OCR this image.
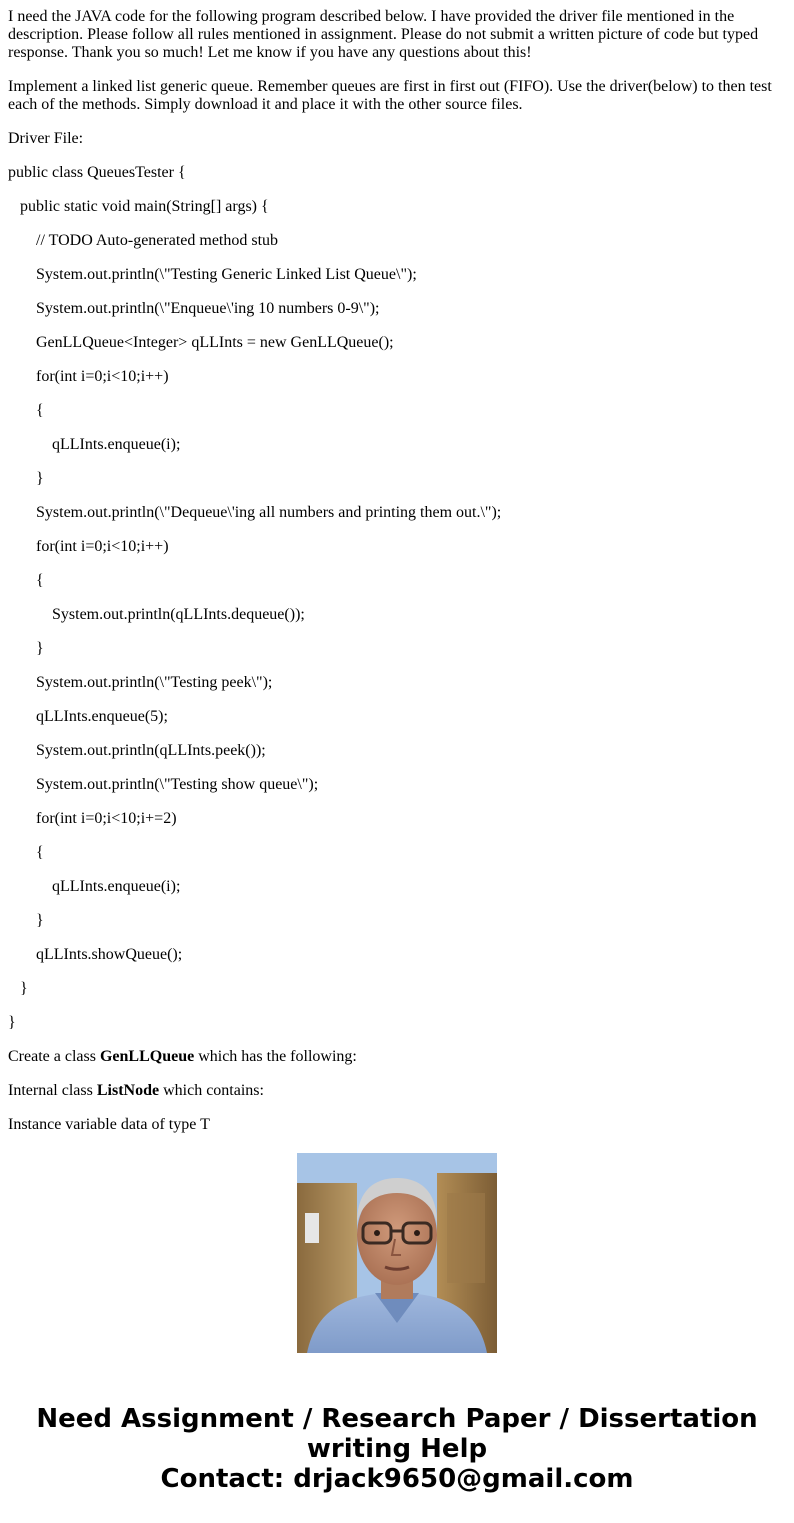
I need the JAVA code for the following program described below. I have provided the driver file mentioned in the description. Please follow all rules mentioned in assignment. Please do not submit a written picture of code but typed response. Thank you so much! Let me know if you have any questions about this!

Implement a linked list generic queue. Remember queues are first in first out (FIFO). Use the driver(below) to then test each of the methods. Simply download it and place it with the other source files.

Driver File:

public class QueuesTester {
public static void main(String[] args) {
// TODO Auto-generated method stub
System.out.println(\"Testing Generic Linked List Queue\");
System.out.println(\"Enqueue\'ing 10 numbers 0-9\");
GenLLQueue<Integer> qLLInts = new GenLLQueue();
for(int i=0;i<10;i++)
{
qLLInts.enqueue(i);
}
System.out.println(\"Dequeue\'ing all numbers and printing them out.\");
for(int i=0;i<10;i++)
{
System.out.println(qLLInts.dequeue());
}
System.out.println(\"Testing peek\");
qLLInts.enqueue(5);
System.out.println(qLLInts.peek());
System.out.println(\"Testing show queue\");
for(int i=0;i<10;i+=2)
{
qLLInts.enqueue(i);
}
qLLInts.showQueue();
}
}

Create a class GenLLQueue which has the following:

Internal class ListNode which contains:

Instance variable data of type T

Need Assignment / Research Paper / Dissertation
writing Help
Contact: drjack9650@gmail.com
